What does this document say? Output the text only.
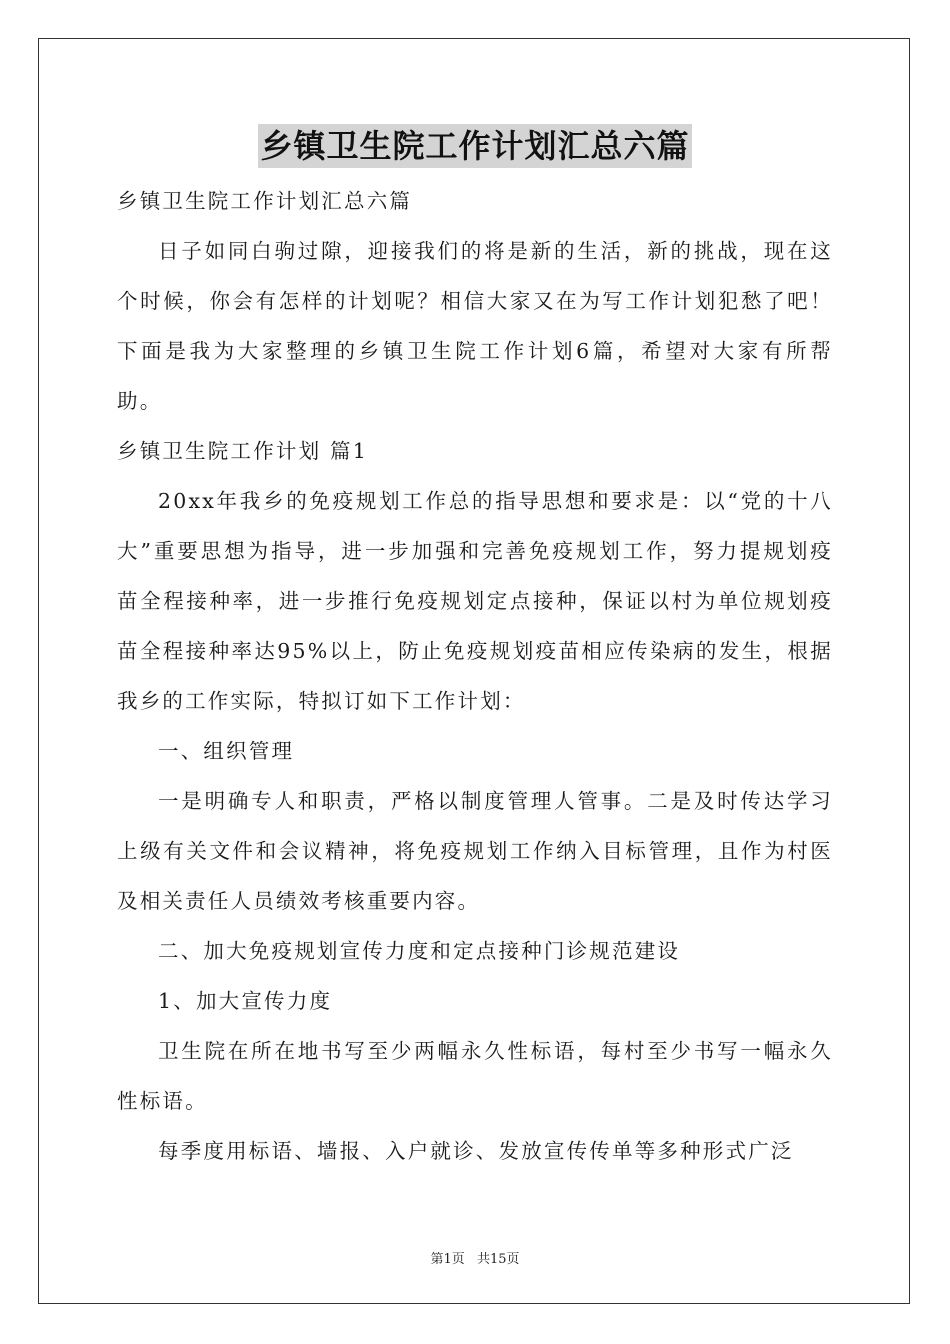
乡镇卫生院工作计划汇总六篇

乡镇卫生院工作计划汇总六篇

日子如同白驹过隙，迎接我们的将是新的生活，新的挑战，现在这个时候，你会有怎样的计划呢？相信大家又在为写工作计划犯愁了吧！下面是我为大家整理的乡镇卫生院工作计划6篇，希望对大家有所帮助。

乡镇卫生院工作计划 篇1

20xx年我乡的免疫规划工作总的指导思想和要求是：以“党的十八大”重要思想为指导，进一步加强和完善免疫规划工作，努力提规划疫苗全程接种率，进一步推行免疫规划定点接种，保证以村为单位规划疫苗全程接种率达95%以上，防止免疫规划疫苗相应传染病的发生，根据我乡的工作实际，特拟订如下工作计划：

一、组织管理

一是明确专人和职责，严格以制度管理人管事。二是及时传达学习上级有关文件和会议精神，将免疫规划工作纳入目标管理，且作为村医及相关责任人员绩效考核重要内容。

二、加大免疫规划宣传力度和定点接种门诊规范建设

1、加大宣传力度

卫生院在所在地书写至少两幅永久性标语，每村至少书写一幅永久性标语。

每季度用标语、墙报、入户就诊、发放宣传传单等多种形式广泛

第1页 共15页
